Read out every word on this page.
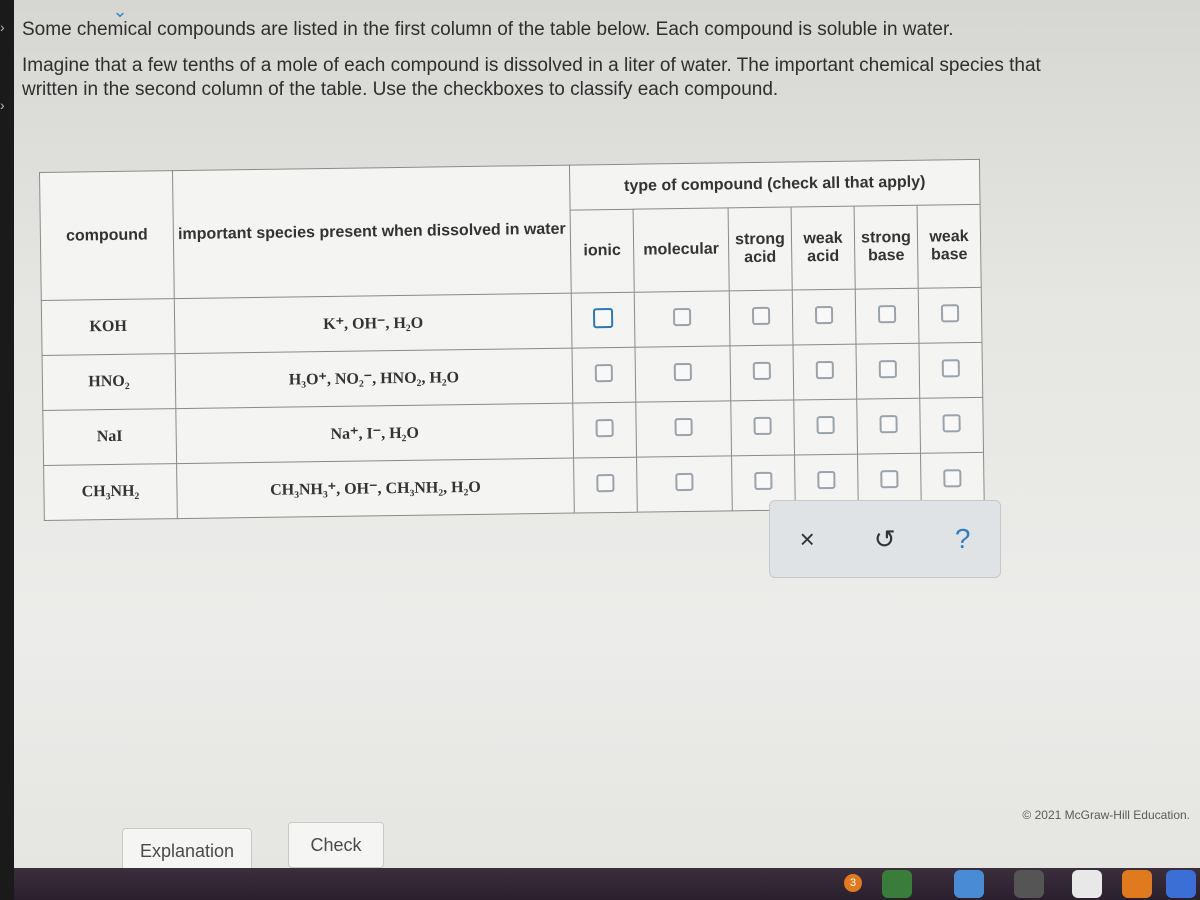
›
›
⌄

Some chemical compounds are listed in the first column of the table below. Each compound is soluble in water.

Imagine that a few tenths of a mole of each compound is dissolved in a liter of water. The important chemical species that

written in the second column of the table. Use the checkboxes to classify each compound.

compound	important species present when dissolved in water	type of compound (check all that apply)					
		ionic	molecular	strong acid	weak acid	strong base	weak base
KOH	K⁺, OH⁻, H₂O						
HNO₂	H₃O⁺, NO₂⁻, HNO₂, H₂O						
NaI	Na⁺, I⁻, H₂O						
CH₃NH₂	CH₃NH₃⁺, OH⁻, CH₃NH₂, H₂O						
× ↺ ?
Explanation	Check
© 2021 McGraw-Hill Education.
3
